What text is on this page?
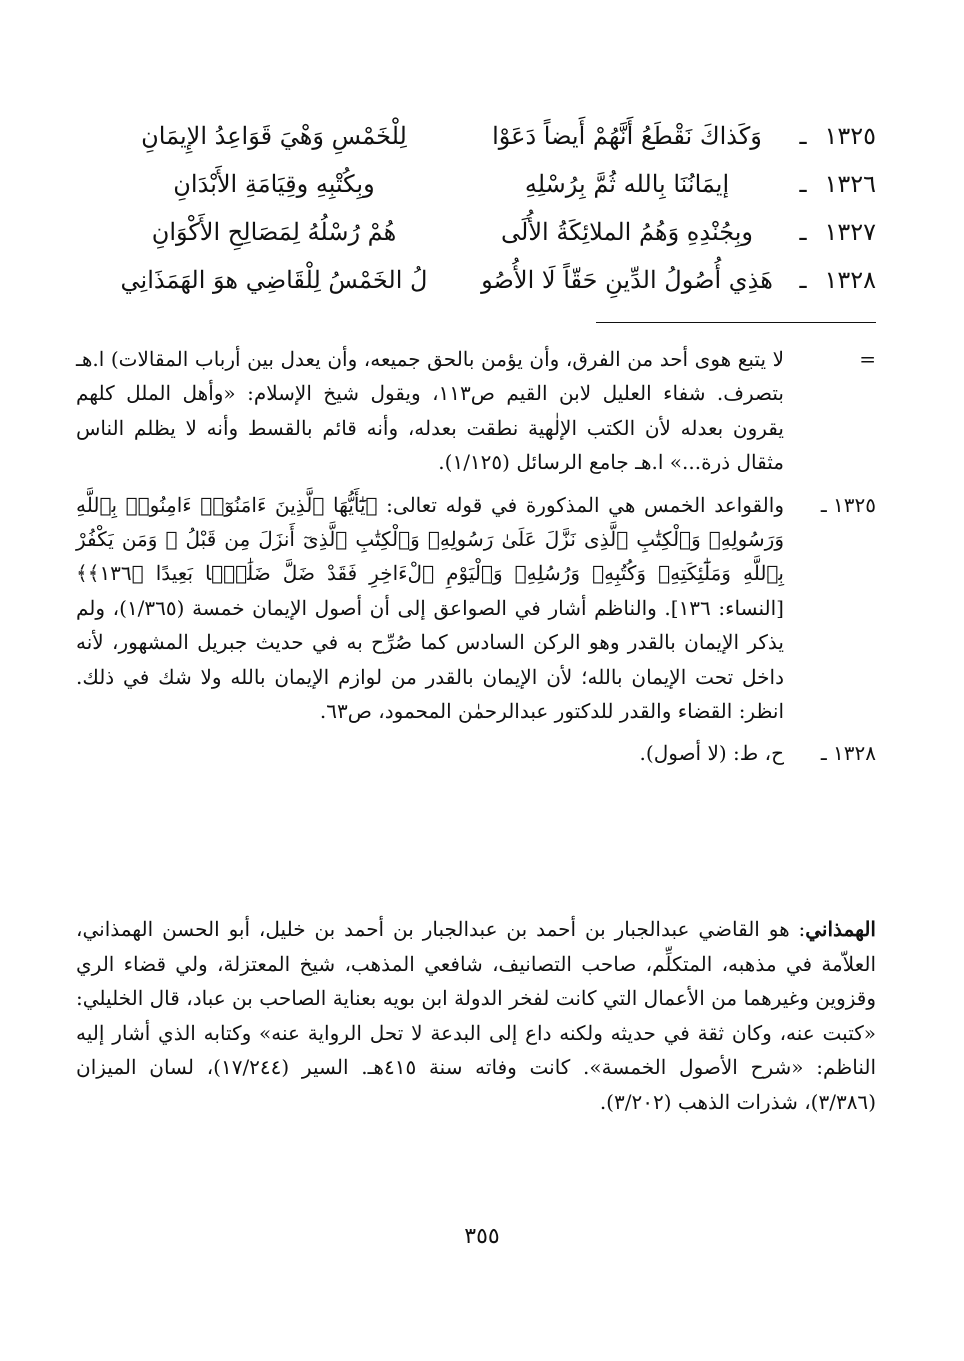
١٣٢٥
ـ
وَكَذاكَ نَقْطَعُ أَنَّهُمْ أَيضاً دَعَوْا
لِلْخَمْسِ وَهْيَ قَوَاعِدُ الإِيمَانِ
١٣٢٦
ـ
إيمَانُنَا بِالله ثُمَّ بِرُسْلِهِ
وبِكُتْبِهِ وقِيَامَةِ الأَبْدَانِ
١٣٢٧
ـ
وبِجُنْدِهِ وَهُمُ الملائِكَةُ الأُلَى
هُمْ رُسْلُهُ لِمَصَالِحِ الأَكْوَانِ
١٣٢٨
ـ
هَذِي أُصُولُ الدِّينِ حَقّاً لَا الأُصُو
لُ الخَمْسُ لِلْقَاضِي هوَ الهَمَذَانِي
=
لا يتبع هوى أحد من الفرق، وأن يؤمن بالحق جميعه، وأن يعدل بين أرباب المقالات) ا.هـ بتصرف. شفاء العليل لابن القيم ص١١٣، ويقول شيخ الإسلام: «وأهل الملل كلهم يقرون بعدله لأن الكتب الإلٰهية نطقت بعدله، وأنه قائم بالقسط وأنه لا يظلم الناس مثقال ذرة...» ا.هـ جامع الرسائل (١/١٢٥).
١٣٢٥ ـ
والقواعد الخمس هي المذكورة في قوله تعالى: ﴿يَٰٓأَيُّهَا ٱلَّذِينَ ءَامَنُوٓا۟ ءَامِنُوا۟ بِٱللَّهِ وَرَسُولِهِۦ وَٱلْكِتَٰبِ ٱلَّذِى نَزَّلَ عَلَىٰ رَسُولِهِۦ وَٱلْكِتَٰبِ ٱلَّذِىٓ أَنزَلَ مِن قَبْلُ ۚ وَمَن يَكْفُرْ بِٱللَّهِ وَمَلَٰٓئِكَتِهِۦ وَكُتُبِهِۦ وَرُسُلِهِۦ وَٱلْيَوْمِ ٱلْءَاخِرِ فَقَدْ ضَلَّ ضَلَٰلًۢا بَعِيدًا ﴿١٣٦﴾﴾ [النساء: ١٣٦]. والناظم أشار في الصواعق إلى أن أصول الإيمان خمسة (١/٣٦٥)، ولم يذكر الإيمان بالقدر وهو الركن السادس كما صُرِّح به في حديث جبريل المشهور، لأنه داخل تحت الإيمان بالله؛ لأن الإيمان بالقدر من لوازم الإيمان بالله ولا شك في ذلك. انظر: القضاء والقدر للدكتور عبدالرحمٰن المحمود، ص٦٣.
١٣٢٨ ـ
ح، ط: (لا أصول).
الهمذاني: هو القاضي عبدالجبار بن أحمد بن عبدالجبار بن أحمد بن خليل، أبو الحسن الهمذاني، العلاّمة في مذهبه، المتكلِّم، صاحب التصانيف، شافعي المذهب، شيخ المعتزلة، ولي قضاء الري وقزوين وغيرهما من الأعمال التي كانت لفخر الدولة ابن بويه بعناية الصاحب بن عباد، قال الخليلي: «كتبت عنه، وكان ثقة في حديثه ولكنه داع إلى البدعة لا تحل الرواية عنه» وكتابه الذي أشار إليه الناظم: «شرح الأصول الخمسة». كانت وفاته سنة ٤١٥هـ. السير (١٧/٢٤٤)، لسان الميزان (٣/٣٨٦)، شذرات الذهب (٣/٢٠٢).
٣٥٥
